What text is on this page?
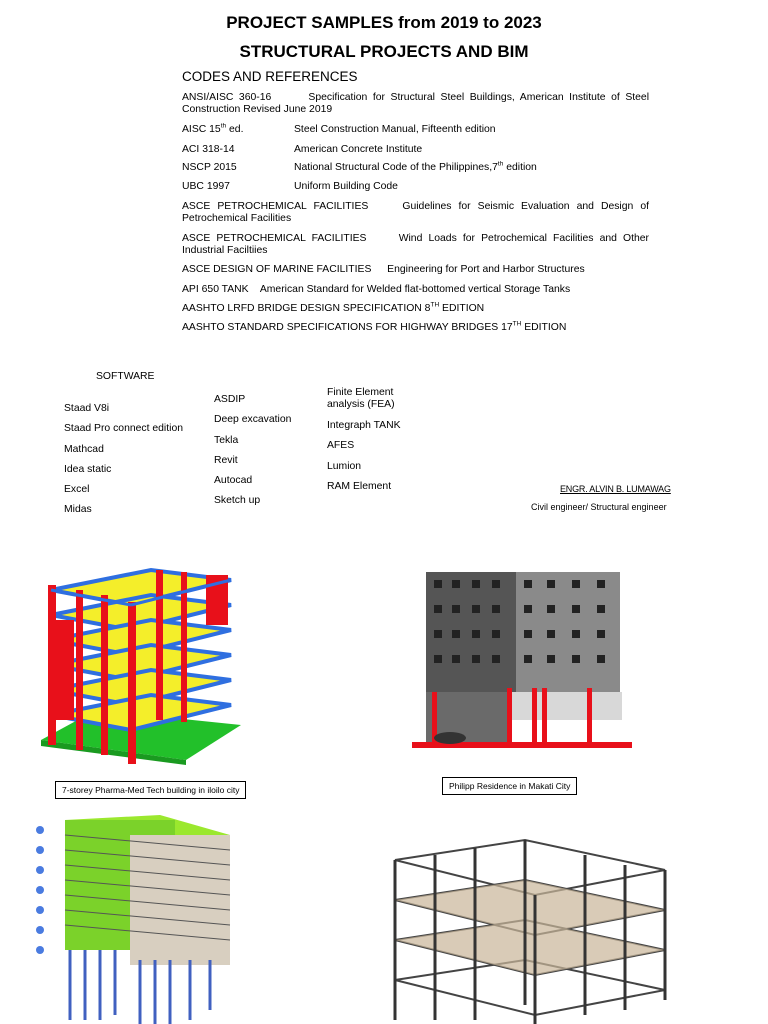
PROJECT SAMPLES from 2019 to 2023
STRUCTURAL PROJECTS AND BIM
CODES AND REFERENCES
ANSI/AISC 360-16	Specification for Structural Steel Buildings, American Institute of Steel Construction Revised June 2019
AISC 15th ed.	Steel Construction Manual, Fifteenth edition
ACI 318-14	American Concrete Institute
NSCP 2015	National Structural Code of the Philippines,7th edition
UBC 1997	Uniform Building Code
ASCE PETROCHEMICAL FACILITIES	Guidelines for Seismic Evaluation and Design of Petrochemical Facilities
ASCE PETROCHEMICAL FACILITIES	Wind Loads for Petrochemical Facilities and Other Industrial Faciltiies
ASCE DESIGN OF MARINE FACILITIES Engineering for Port and Harbor Structures
API 650 TANK American Standard for Welded flat-bottomed vertical Storage Tanks
AASHTO LRFD BRIDGE DESIGN SPECIFICATION 8TH EDITION
AASHTO STANDARD SPECIFICATIONS FOR HIGHWAY BRIDGES 17TH EDITION
SOFTWARE
Staad V8i
Staad Pro connect edition
Mathcad
Idea static
Excel
Midas
ASDIP
Deep excavation
Tekla
Revit
Autocad
Sketch up
Finite Element
analysis (FEA)
Integraph TANK
AFES
Lumion
RAM Element	ENGR. ALVIN B. LUMAWAG
Civil engineer/ Structural engineer
7-storey Pharma-Med Tech building in iloilo city	Philipp Residence in Makati City
